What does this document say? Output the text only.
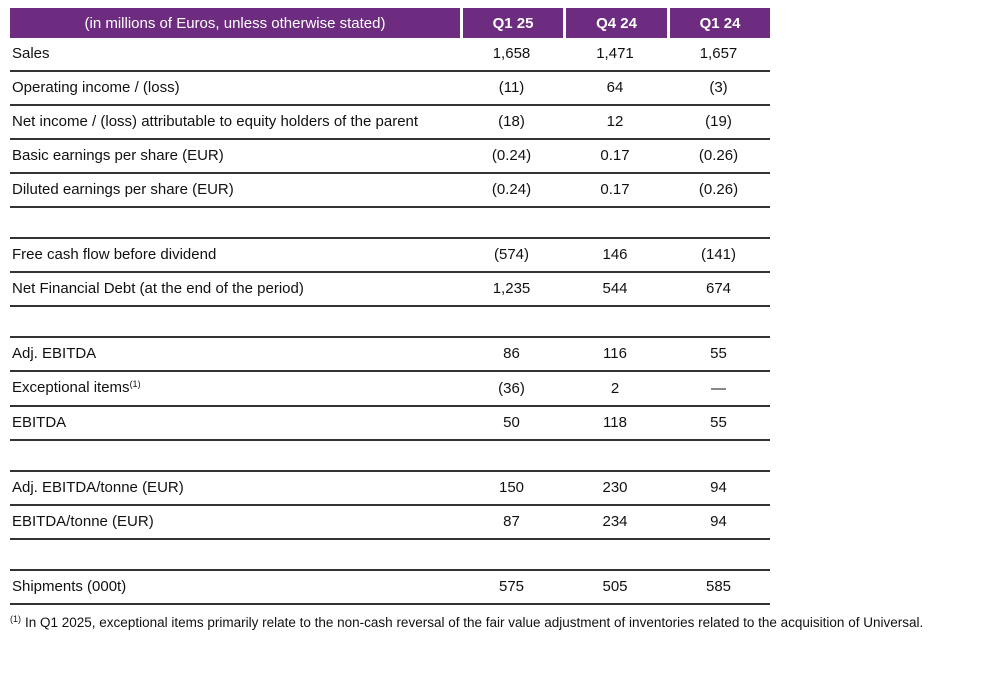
(in millions of Euros, unless otherwise stated)	Q1 25	Q4 24	Q1 24
Sales	1,658	1,471	1,657
Operating income / (loss)	(11)	64	(3)
Net income / (loss) attributable to equity holders of the parent	(18)	12	(19)
Basic earnings per share (EUR)	(0.24)	0.17	(0.26)
Diluted earnings per share (EUR)	(0.24)	0.17	(0.26)
Free cash flow before dividend	(574)	146	(141)
Net Financial Debt (at the end of the period)	1,235	544	674
Adj. EBITDA	86	116	55
Exceptional items$^{(1)}$	(36)	2	—
EBITDA	50	118	55
Adj. EBITDA/tonne (EUR)	150	230	94
EBITDA/tonne (EUR)	87	234	94
Shipments (000t)	575	505	585
$^{(1)}$ In Q1 2025, exceptional items primarily relate to the non-cash reversal of the fair value adjustment of inventories related to the acquisition of Universal.
